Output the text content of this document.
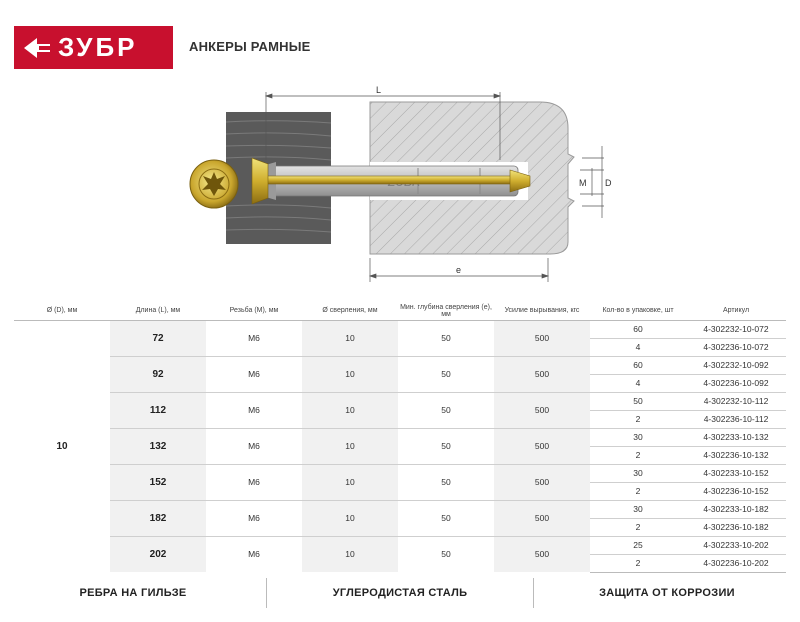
ЗУБР	АНКЕРЫ РАМНЫЕ
L
e
M D
Ø (D), мм	Длина (L), мм	Резьба (M), мм	Ø сверления, мм	Мин. глубина сверления (e), мм	Усилие вырывания, кгс	Кол-во в упаковке, шт	Артикул
10	72	M6	10	50	500	60	4-302232-10-072
						4	4-302236-10-072
	92	M6	10	50	500	60	4-302232-10-092
						4	4-302236-10-092
	112	M6	10	50	500	50	4-302232-10-112
						2	4-302236-10-112
	132	M6	10	50	500	30	4-302233-10-132
						2	4-302236-10-132
	152	M6	10	50	500	30	4-302233-10-152
						2	4-302236-10-152
	182	M6	10	50	500	30	4-302233-10-182
						2	4-302236-10-182
	202	M6	10	50	500	25	4-302233-10-202
						2	4-302236-10-202
РЕБРА НА ГИЛЬЗЕ	УГЛЕРОДИСТАЯ СТАЛЬ	ЗАЩИТА ОТ КОРРОЗИИ
